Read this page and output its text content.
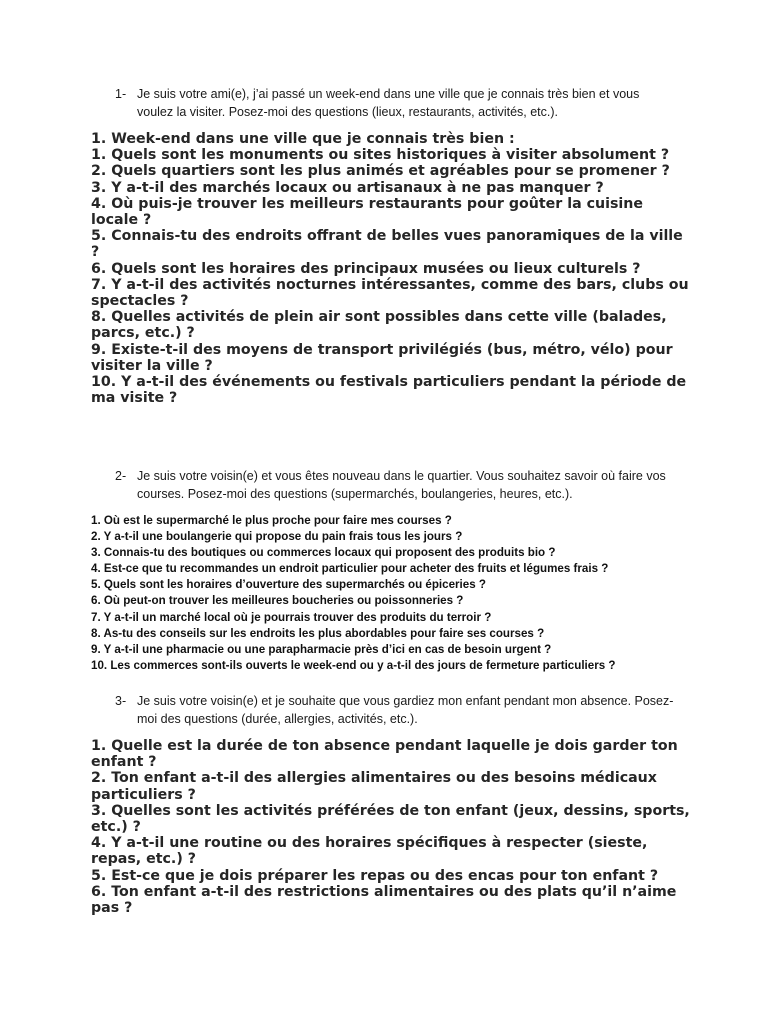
1- Je suis votre ami(e), j’ai passé un week-end dans une ville que je connais très bien et vous voulez la visiter. Posez-moi des questions (lieux, restaurants, activités, etc.).
1. Week-end dans une ville que je connais très bien :
1. Quels sont les monuments ou sites historiques à visiter absolument ?
2. Quels quartiers sont les plus animés et agréables pour se promener ?
3. Y a-t-il des marchés locaux ou artisanaux à ne pas manquer ?
4. Où puis-je trouver les meilleurs restaurants pour goûter la cuisine locale ?
5. Connais-tu des endroits offrant de belles vues panoramiques de la ville ?
6. Quels sont les horaires des principaux musées ou lieux culturels ?
7. Y a-t-il des activités nocturnes intéressantes, comme des bars, clubs ou spectacles ?
8. Quelles activités de plein air sont possibles dans cette ville (balades, parcs, etc.) ?
9. Existe-t-il des moyens de transport privilégiés (bus, métro, vélo) pour visiter la ville ?
10. Y a-t-il des événements ou festivals particuliers pendant la période de ma visite ?
2- Je suis votre voisin(e) et vous êtes nouveau dans le quartier. Vous souhaitez savoir où faire vos courses. Posez-moi des questions (supermarchés, boulangeries, heures, etc.).
1. Où est le supermarché le plus proche pour faire mes courses ?
2. Y a-t-il une boulangerie qui propose du pain frais tous les jours ?
3. Connais-tu des boutiques ou commerces locaux qui proposent des produits bio ?
4. Est-ce que tu recommandes un endroit particulier pour acheter des fruits et légumes frais ?
5. Quels sont les horaires d’ouverture des supermarchés ou épiceries ?
6. Où peut-on trouver les meilleures boucheries ou poissonneries ?
7. Y a-t-il un marché local où je pourrais trouver des produits du terroir ?
8. As-tu des conseils sur les endroits les plus abordables pour faire ses courses ?
9. Y a-t-il une pharmacie ou une parapharmacie près d’ici en cas de besoin urgent ?
10. Les commerces sont-ils ouverts le week-end ou y a-t-il des jours de fermeture particuliers ?
3- Je suis votre voisin(e) et je souhaite que vous gardiez mon enfant pendant mon absence. Posez-moi des questions (durée, allergies, activités, etc.).
1. Quelle est la durée de ton absence pendant laquelle je dois garder ton enfant ?
2. Ton enfant a-t-il des allergies alimentaires ou des besoins médicaux particuliers ?
3. Quelles sont les activités préférées de ton enfant (jeux, dessins, sports, etc.) ?
4. Y a-t-il une routine ou des horaires spécifiques à respecter (sieste, repas, etc.) ?
5. Est-ce que je dois préparer les repas ou des encas pour ton enfant ?
6. Ton enfant a-t-il des restrictions alimentaires ou des plats qu’il n’aime pas ?
